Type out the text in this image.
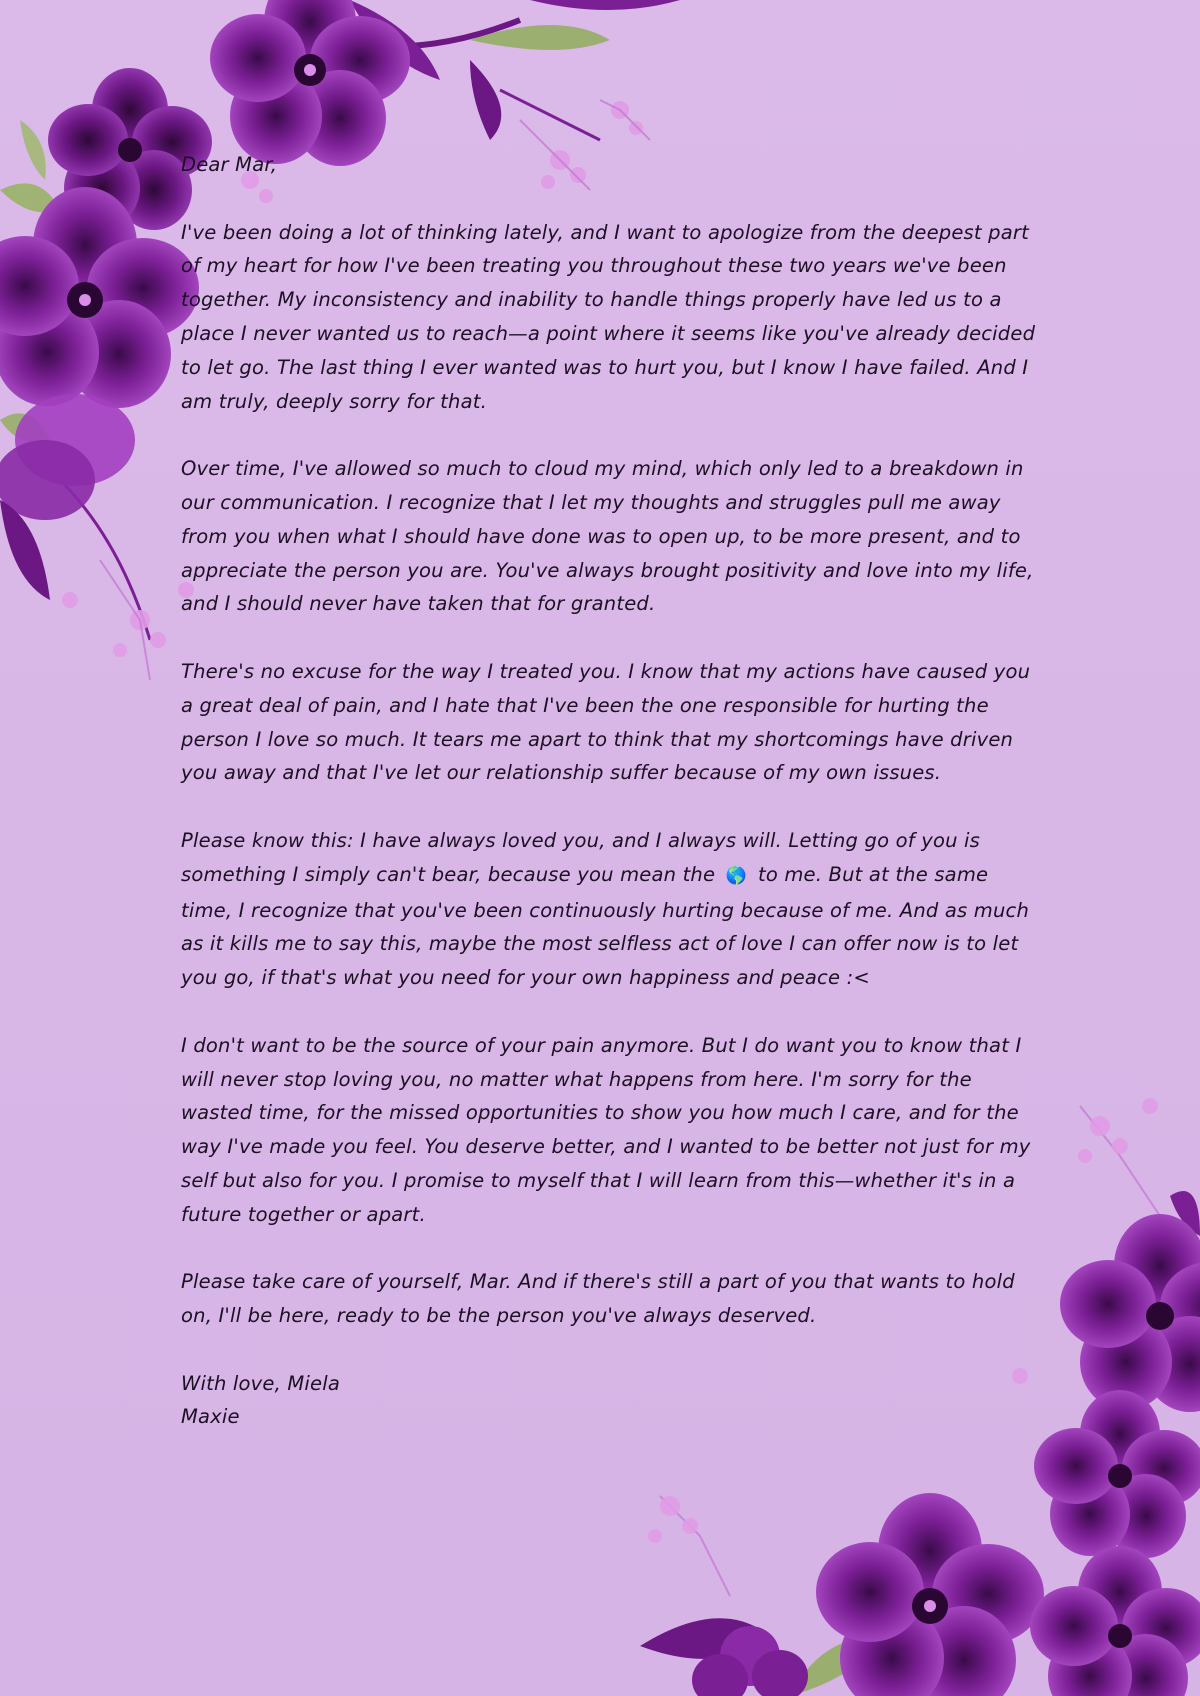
Dear Mar,

I've been doing a lot of thinking lately, and I want to apologize from the deepest part of my heart for how I've been treating you throughout these two years we've been together. My inconsistency and inability to handle things properly have led us to a place I never wanted us to reach—a point where it seems like you've already decided to let go. The last thing I ever wanted was to hurt you, but I know I have failed. And I am truly, deeply sorry for that.

Over time, I've allowed so much to cloud my mind, which only led to a breakdown in our communication. I recognize that I let my thoughts and struggles pull me away from you when what I should have done was to open up, to be more present, and to appreciate the person you are. You've always brought positivity and love into my life, and I should never have taken that for granted.

There's no excuse for the way I treated you. I know that my actions have caused you a great deal of pain, and I hate that I've been the one responsible for hurting the person I love so much. It tears me apart to think that my shortcomings have driven you away and that I've let our relationship suffer because of my own issues.

Please know this: I have always loved you, and I always will. Letting go of you is something I simply can't bear, because you mean the 🌎 to me. But at the same time, I recognize that you've been continuously hurting because of me. And as much as it kills me to say this, maybe the most selfless act of love I can offer now is to let you go, if that's what you need for your own happiness and peace :<

I don't want to be the source of your pain anymore. But I do want you to know that I will never stop loving you, no matter what happens from here. I'm sorry for the wasted time, for the missed opportunities to show you how much I care, and for the way I've made you feel. You deserve better, and I wanted to be better not just for my self but also for you. I promise to myself that I will learn from this—whether it's in a future together or apart.

Please take care of yourself, Mar. And if there's still a part of you that wants to hold on, I'll be here, ready to be the person you've always deserved.

With love, Miela

Maxie
